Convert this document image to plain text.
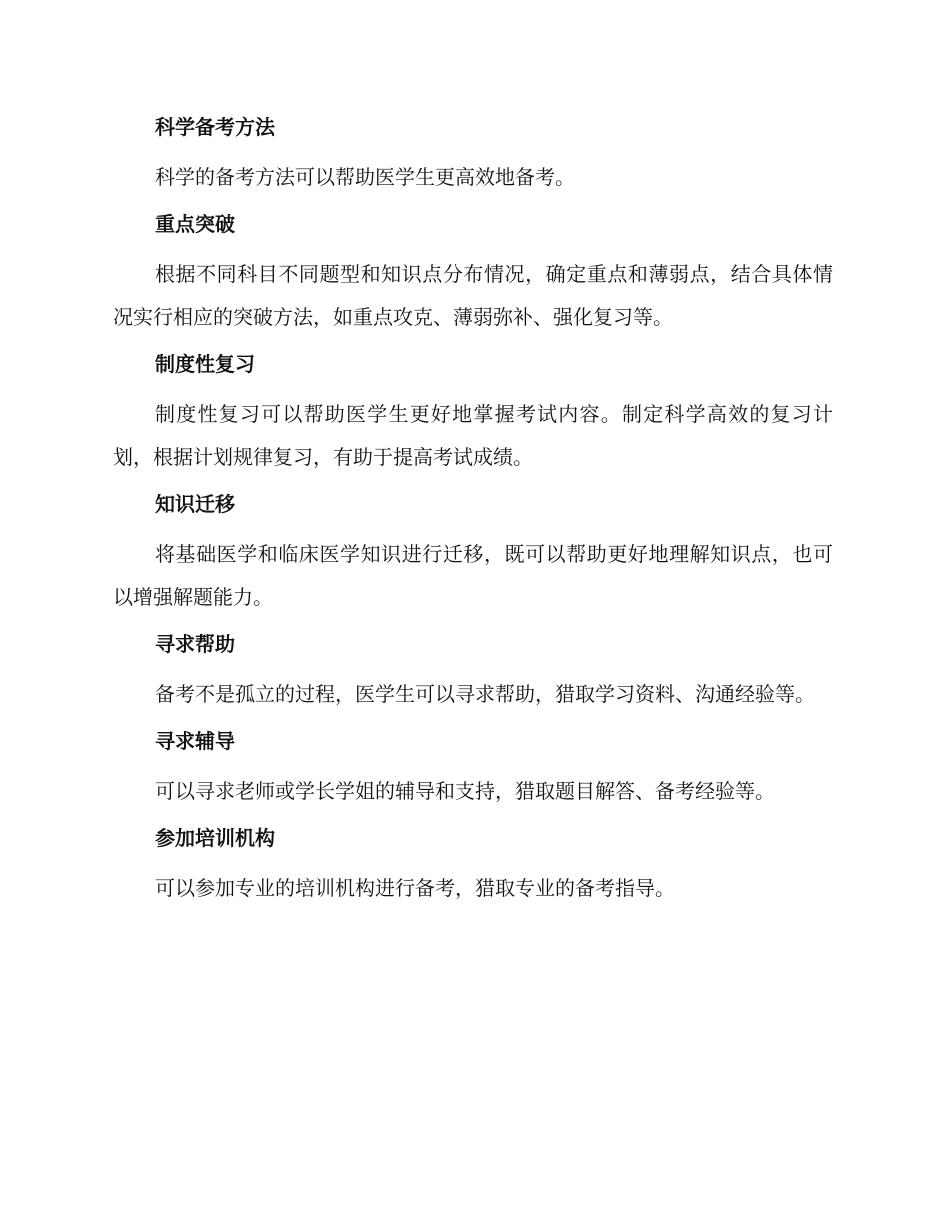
科学备考方法

科学的备考方法可以帮助医学生更高效地备考。

重点突破

根据不同科目不同题型和知识点分布情况，确定重点和薄弱点，结合具体情况实行相应的突破方法，如重点攻克、薄弱弥补、强化复习等。

制度性复习

制度性复习可以帮助医学生更好地掌握考试内容。制定科学高效的复习计划，根据计划规律复习，有助于提高考试成绩。

知识迁移

将基础医学和临床医学知识进行迁移，既可以帮助更好地理解知识点，也可以增强解题能力。

寻求帮助

备考不是孤立的过程，医学生可以寻求帮助，猎取学习资料、沟通经验等。

寻求辅导

可以寻求老师或学长学姐的辅导和支持，猎取题目解答、备考经验等。

参加培训机构

可以参加专业的培训机构进行备考，猎取专业的备考指导。
